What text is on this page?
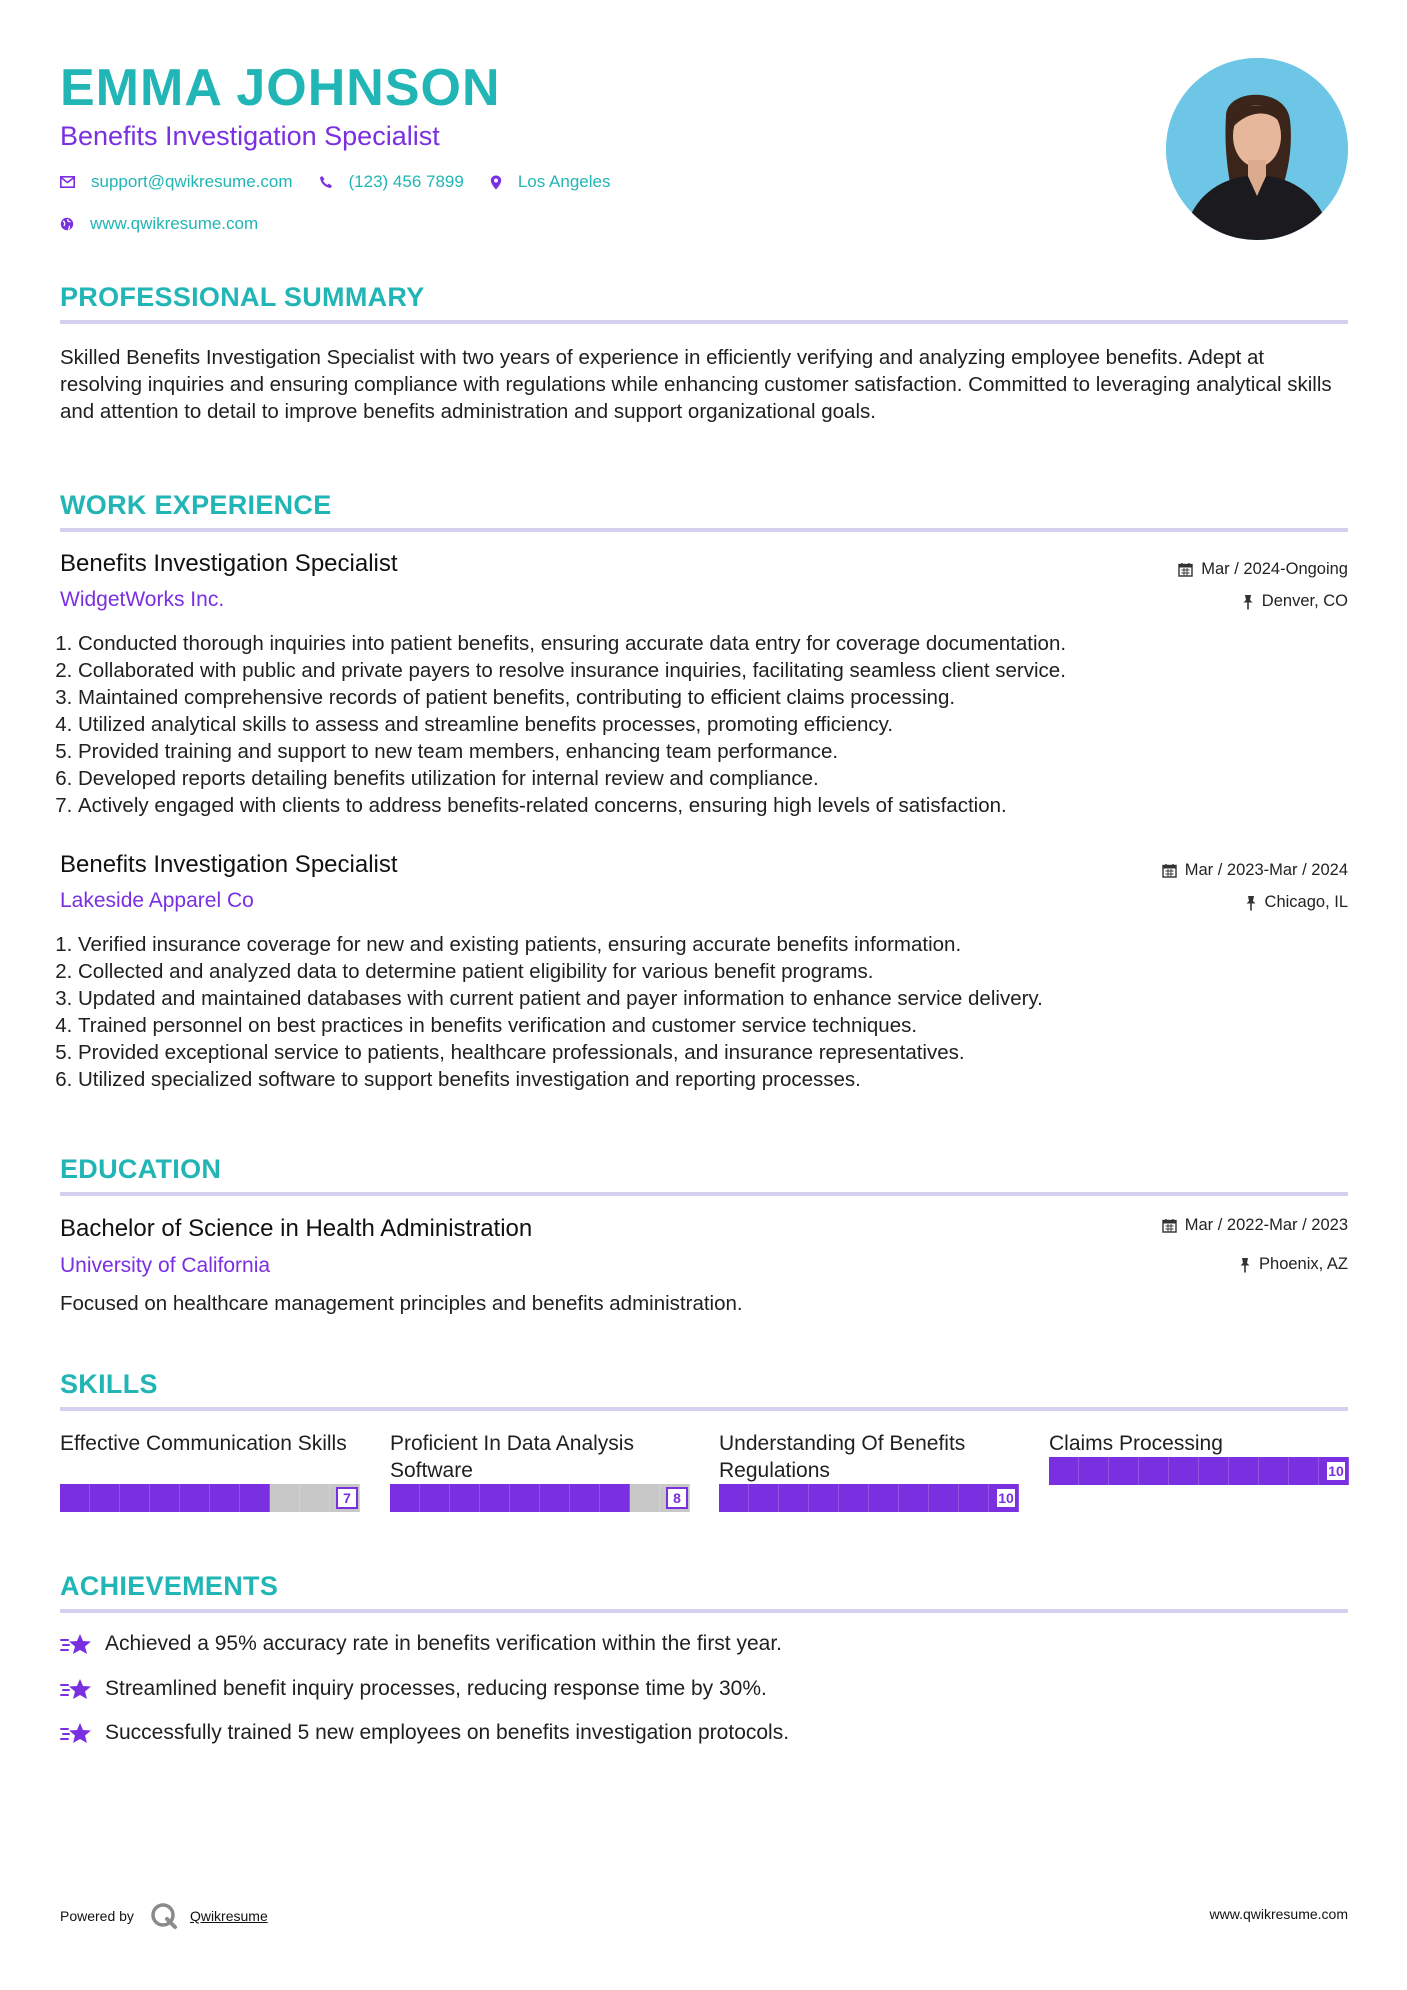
EMMA JOHNSON
Benefits Investigation Specialist
support@qwikresume.com	(123) 456 7899	Los Angeles
www.qwikresume.com
PROFESSIONAL SUMMARY
Skilled Benefits Investigation Specialist with two years of experience in efficiently verifying and analyzing employee benefits. Adept at resolving inquiries and ensuring compliance with regulations while enhancing customer satisfaction. Committed to leveraging analytical skills and attention to detail to improve benefits administration and support organizational goals.
WORK EXPERIENCE
Benefits Investigation Specialist	Mar / 2024-Ongoing
WidgetWorks Inc.	Denver, CO
1. Conducted thorough inquiries into patient benefits, ensuring accurate data entry for coverage documentation.
2. Collaborated with public and private payers to resolve insurance inquiries, facilitating seamless client service.
3. Maintained comprehensive records of patient benefits, contributing to efficient claims processing.
4. Utilized analytical skills to assess and streamline benefits processes, promoting efficiency.
5. Provided training and support to new team members, enhancing team performance.
6. Developed reports detailing benefits utilization for internal review and compliance.
7. Actively engaged with clients to address benefits-related concerns, ensuring high levels of satisfaction.
Benefits Investigation Specialist	Mar / 2023-Mar / 2024
Lakeside Apparel Co	Chicago, IL
1. Verified insurance coverage for new and existing patients, ensuring accurate benefits information.
2. Collected and analyzed data to determine patient eligibility for various benefit programs.
3. Updated and maintained databases with current patient and payer information to enhance service delivery.
4. Trained personnel on best practices in benefits verification and customer service techniques.
5. Provided exceptional service to patients, healthcare professionals, and insurance representatives.
6. Utilized specialized software to support benefits investigation and reporting processes.
EDUCATION
Bachelor of Science in Health Administration	Mar / 2022-Mar / 2023
University of California	Phoenix, AZ
Focused on healthcare management principles and benefits administration.
SKILLS
Effective Communication Skills
7
Proficient In Data Analysis Software
8
Understanding Of Benefits Regulations
10
Claims Processing
10
ACHIEVEMENTS
Achieved a 95% accuracy rate in benefits verification within the first year.
Streamlined benefit inquiry processes, reducing response time by 30%.
Successfully trained 5 new employees on benefits investigation protocols.
Powered by	Qwikresume	www.qwikresume.com
